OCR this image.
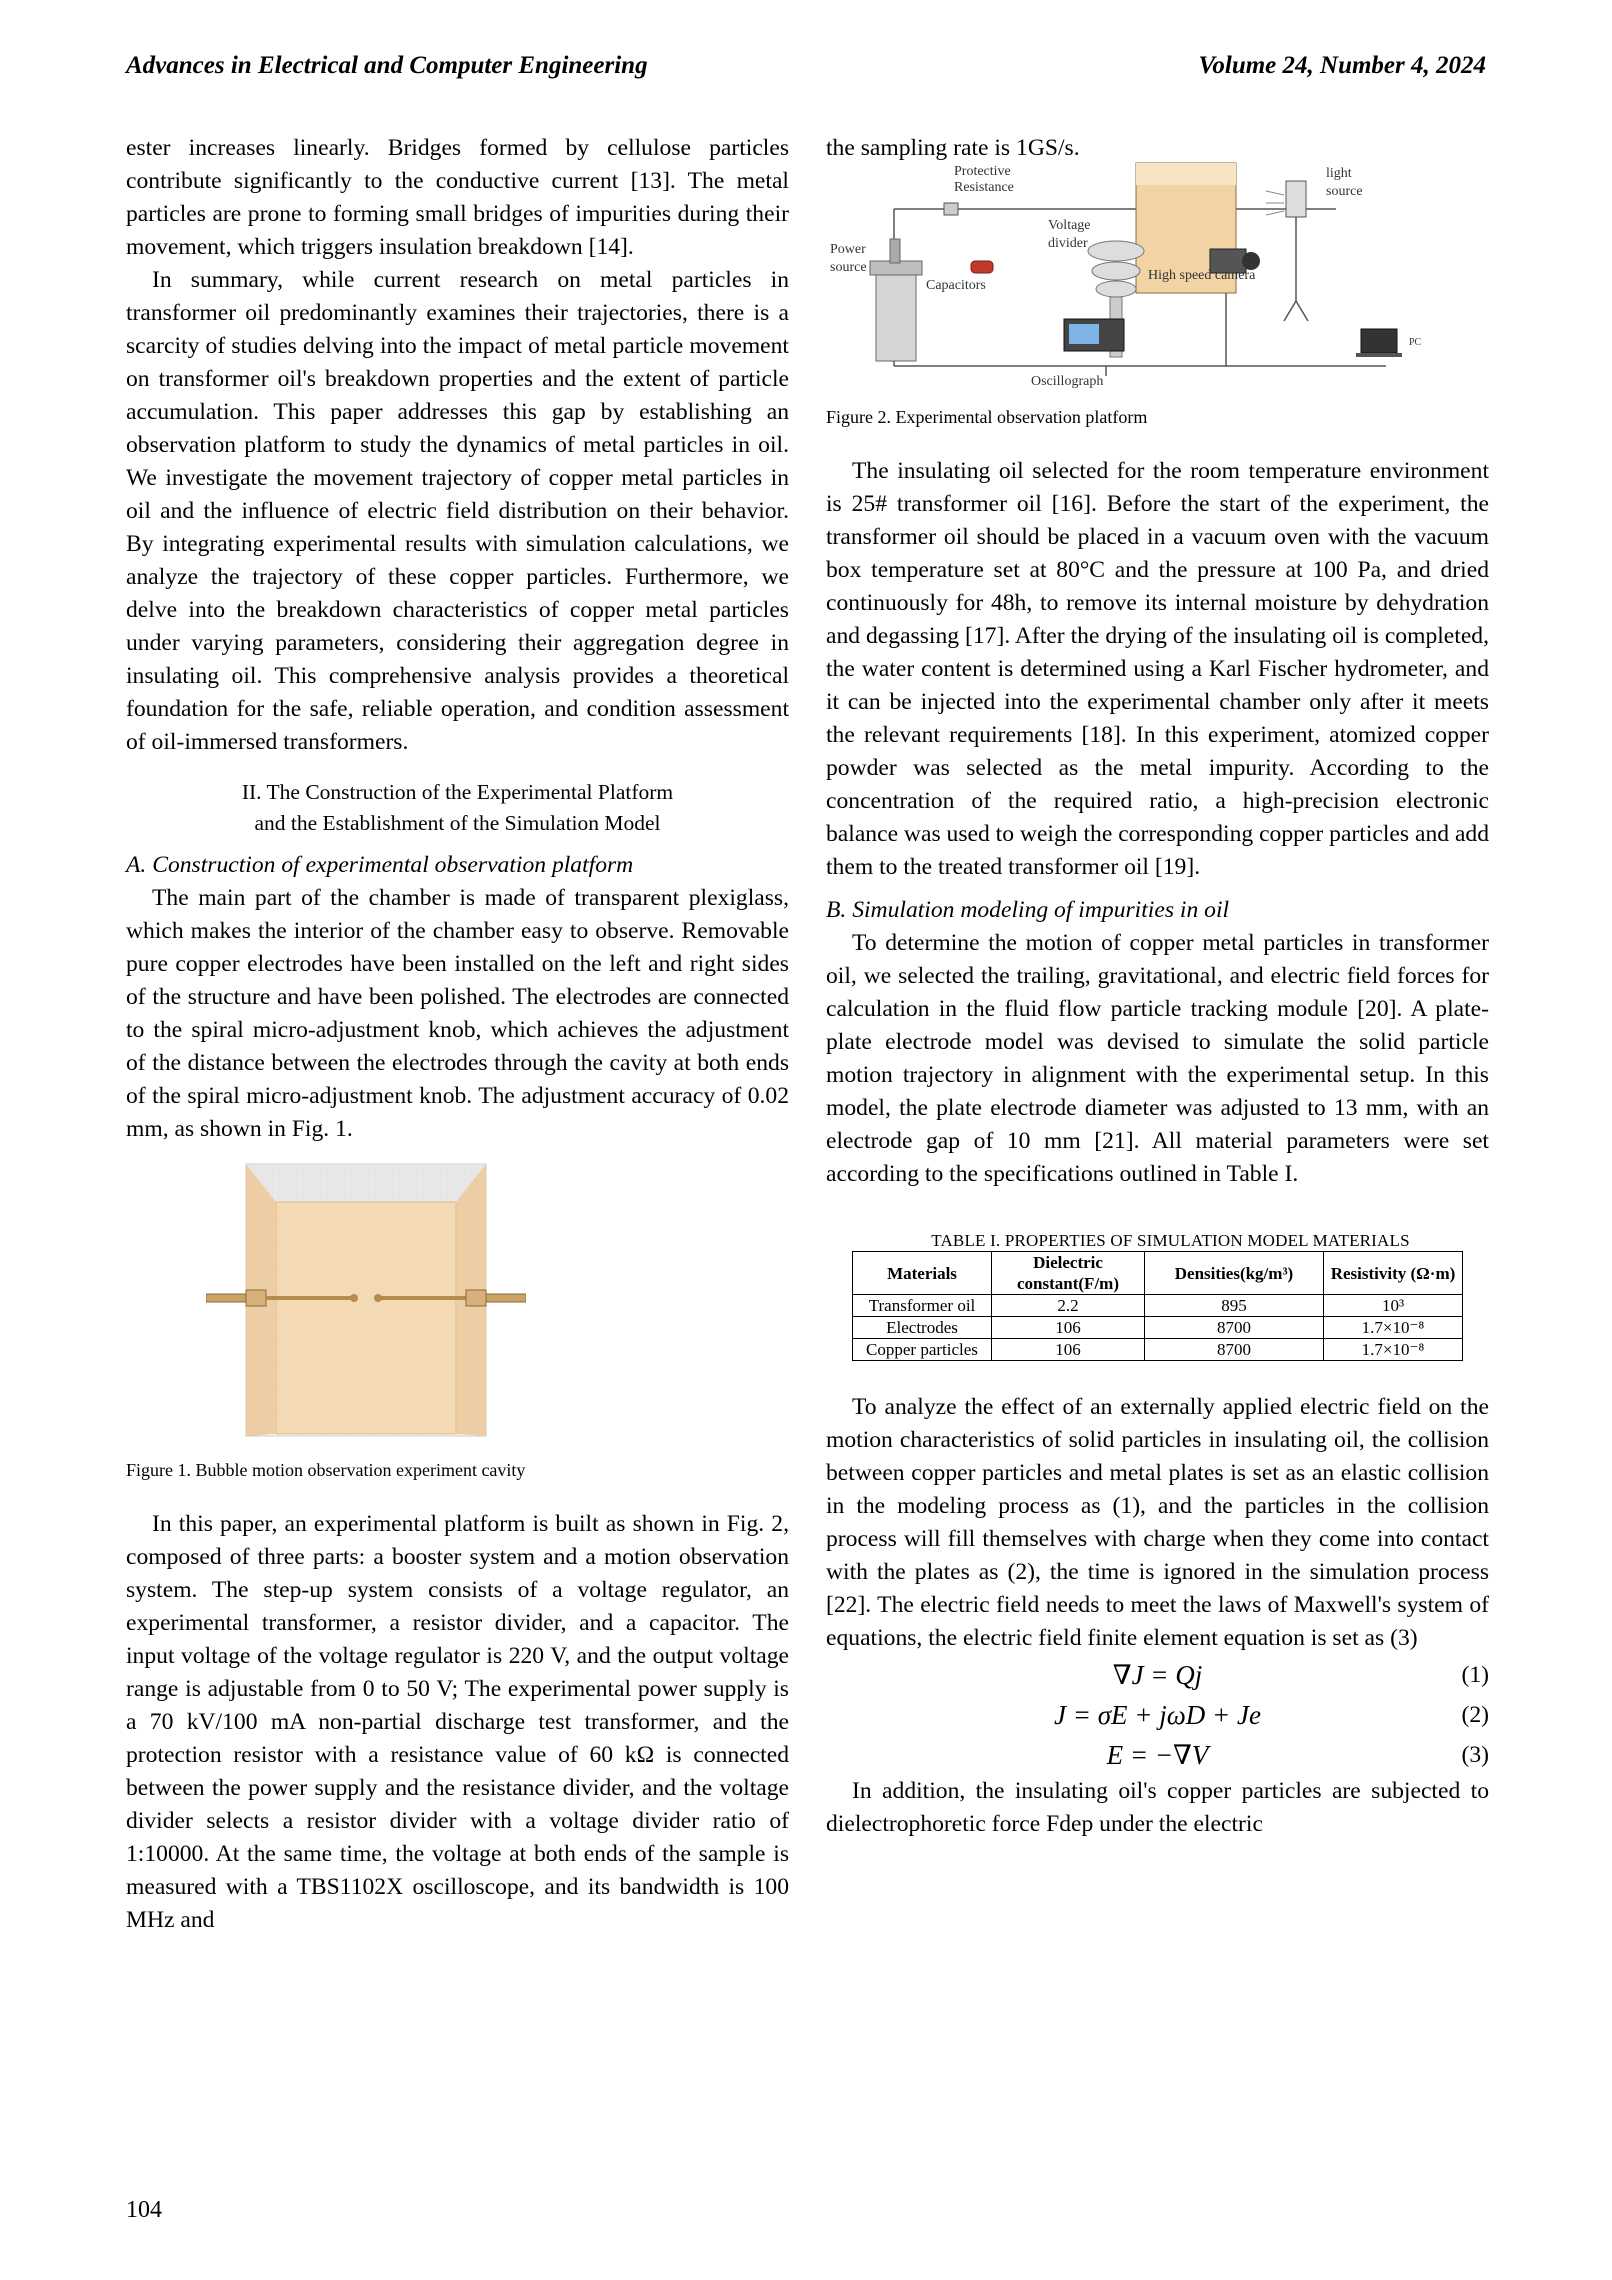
Advances in Electrical and Computer Engineering	Volume 24, Number 4, 2024

ester increases linearly. Bridges formed by cellulose particles contribute significantly to the conductive current [13]. The metal particles are prone to forming small bridges of impurities during their movement, which triggers insulation breakdown [14].

In summary, while current research on metal particles in transformer oil predominantly examines their trajectories, there is a scarcity of studies delving into the impact of metal particle movement on transformer oil's breakdown properties and the extent of particle accumulation. This paper addresses this gap by establishing an observation platform to study the dynamics of metal particles in oil. We investigate the movement trajectory of copper metal particles in oil and the influence of electric field distribution on their behavior. By integrating experimental results with simulation calculations, we analyze the trajectory of these copper particles. Furthermore, we delve into the breakdown characteristics of copper metal particles under varying parameters, considering their aggregation degree in insulating oil. This comprehensive analysis provides a theoretical foundation for the safe, reliable operation, and condition assessment of oil-immersed transformers.

II. The Construction of the Experimental Platform
and the Establishment of the Simulation Model

A. Construction of experimental observation platform

The main part of the chamber is made of transparent plexiglass, which makes the interior of the chamber easy to observe. Removable pure copper electrodes have been installed on the left and right sides of the structure and have been polished. The electrodes are connected to the spiral micro-adjustment knob, which achieves the adjustment of the distance between the electrodes through the cavity at both ends of the spiral micro-adjustment knob. The adjustment accuracy of 0.02 mm, as shown in Fig. 1.

Figure 1. Bubble motion observation experiment cavity

In this paper, an experimental platform is built as shown in Fig. 2, composed of three parts: a booster system and a motion observation system. The step-up system consists of a voltage regulator, an experimental transformer, a resistor divider, and a capacitor. The input voltage of the voltage regulator is 220 V, and the output voltage range is adjustable from 0 to 50 V; The experimental power supply is a 70 kV/100 mA non-partial discharge test transformer, and the protection resistor with a resistance value of 60 kΩ is connected between the power supply and the resistance divider, and the voltage divider selects a resistor divider with a voltage divider ratio of 1:10000. At the same time, the voltage at both ends of the sample is measured with a TBS1102X oscilloscope, and its bandwidth is 100 MHz and

the sampling rate is 1GS/s.

Protective
Resistance
Power
source
Capacitors
Voltage
divider
High speed camera
light
source
PC
Oscillograph

Figure 2. Experimental observation platform

The insulating oil selected for the room temperature environment is 25# transformer oil [16]. Before the start of the experiment, the transformer oil should be placed in a vacuum oven with the vacuum box temperature set at 80°C and the pressure at 100 Pa, and dried continuously for 48h, to remove its internal moisture by dehydration and degassing [17]. After the drying of the insulating oil is completed, the water content is determined using a Karl Fischer hydrometer, and it can be injected into the experimental chamber only after it meets the relevant requirements [18]. In this experiment, atomized copper powder was selected as the metal impurity. According to the concentration of the required ratio, a high-precision electronic balance was used to weigh the corresponding copper particles and add them to the treated transformer oil [19].

B. Simulation modeling of impurities in oil

To determine the motion of copper metal particles in transformer oil, we selected the trailing, gravitational, and electric field forces for calculation in the fluid flow particle tracking module [20]. A plate-plate electrode model was devised to simulate the solid particle motion trajectory in alignment with the experimental setup. In this model, the plate electrode diameter was adjusted to 13 mm, with an electrode gap of 10 mm [21]. All material parameters were set according to the specifications outlined in Table I.

TABLE I. PROPERTIES OF SIMULATION MODEL MATERIALS

Materials	Dielectric constant(F/m)	Densities(kg/m³)	Resistivity (Ω·m)
Transformer oil	2.2	895	10³
Electrodes	106	8700	1.7×10⁻⁸
Copper particles	106	8700	1.7×10⁻⁸

To analyze the effect of an externally applied electric field on the motion characteristics of solid particles in insulating oil, the collision between copper particles and metal plates is set as an elastic collision in the modeling process as (1), and the particles in the collision process will fill themselves with charge when they come into contact with the plates as (2), the time is ignored in the simulation process [22]. The electric field needs to meet the laws of Maxwell's system of equations, the electric field finite element equation is set as (3)

∇J = Qj	(1)
J = σE + jωD + Je	(2)
E = −∇V	(3)

In addition, the insulating oil's copper particles are subjected to dielectrophoretic force Fdep under the electric

104
